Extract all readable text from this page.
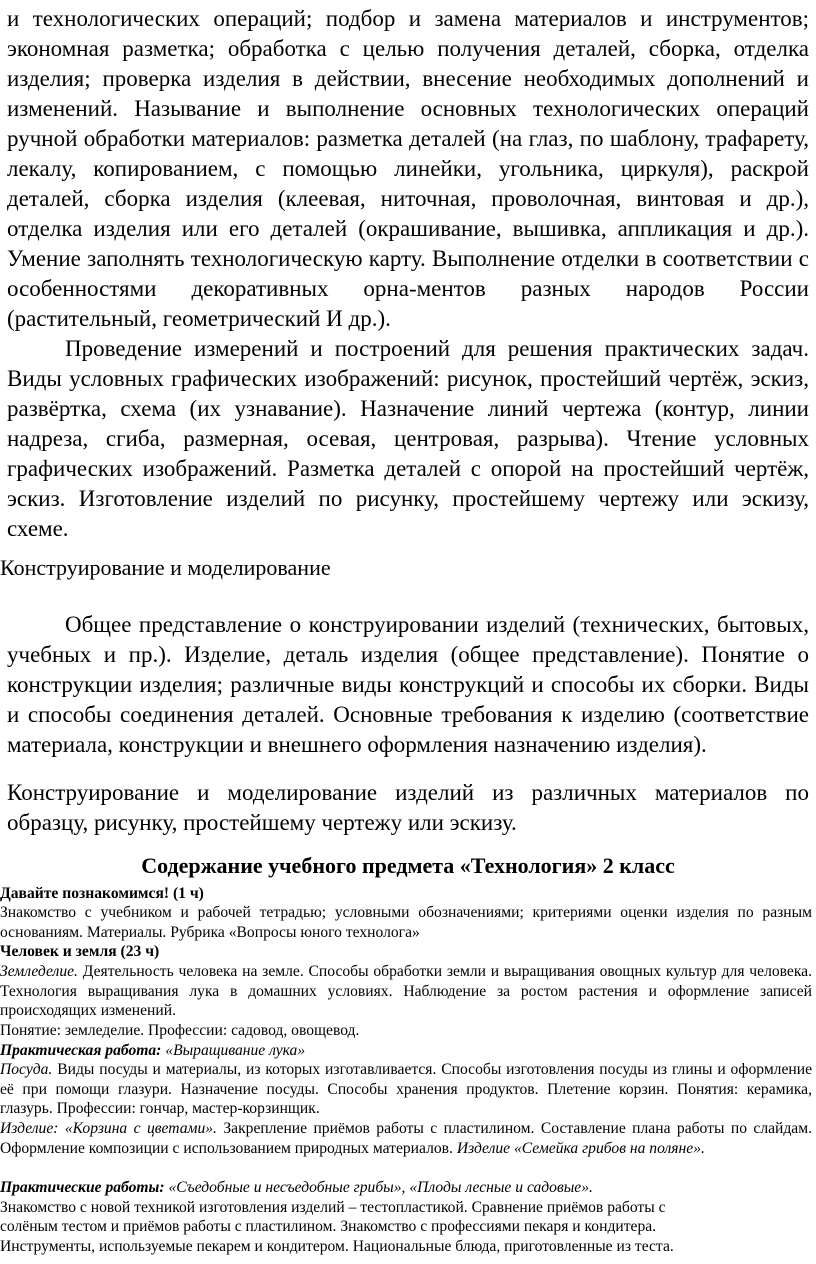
и технологических операций; подбор и замена материалов и инструментов; экономная разметка; обработка с целью получения деталей, сборка, отделка изделия; проверка изделия в действии, внесение необходимых дополнений и изменений. Называние и выполнение основных технологических операций ручной обработки материалов: разметка деталей (на глаз, по шаблону, трафарету, лекалу, копированием, с помощью линейки, угольника, циркуля), раскрой деталей, сборка изделия (клеевая, ниточная, проволочная, винтовая и др.), отделка изделия или его деталей (окрашивание, вышивка, аппликация и др.). Умение заполнять технологическую карту. Выполнение отделки в соответствии с особенностями декоративных орна-ментов разных народов России (растительный, геометрический И др.).

Проведение измерений и построений для решения практических задач. Виды условных графических изображений: рисунок, простейший чертёж, эскиз, развёртка, схема (их узнавание). Назначение линий чертежа (контур, линии надреза, сгиба, размерная, осевая, центровая, разрыва). Чтение условных графических изображений. Разметка деталей с опорой на простейший чертёж, эскиз. Изготовление изделий по рисунку, простейшему чертежу или эскизу, схеме.

Конструирование и моделирование

Общее представление о конструировании изделий (технических, бытовых, учебных и пр.). Изделие, деталь изделия (общее представление). Понятие о конструкции изделия; различные виды конструкций и способы их сборки. Виды и способы соединения деталей. Основные требования к изделию (соответствие материала, конструкции и внешнего оформления назначению изделия).

Конструирование и моделирование изделий из различных материалов по образцу, рисунку, простейшему чертежу или эскизу.

Содержание учебного предмета «Технология» 2 класс

Давайте познакомимся! (1 ч)

Знакомство с учебником и рабочей тетрадью; условными обозначениями; критериями оценки изделия по разным основаниям. Материалы. Рубрика «Вопросы юного технолога»

Человек и земля (23 ч)

Земледелие. Деятельность человека на земле. Способы обработки земли и выращивания овощных культур для человека. Технология выращивания лука в домашних условиях. Наблюдение за ростом растения и оформление записей происходящих изменений.

Понятие: земледелие. Профессии: садовод, овощевод.

Практическая работа: «Выращивание лука»

Посуда. Виды посуды и материалы, из которых изготавливается. Способы изготовления посуды из глины и оформление её при помощи глазури. Назначение посуды. Способы хранения продуктов. Плетение корзин. Понятия: керамика, глазурь. Профессии: гончар, мастер-корзинщик.

Изделие: «Корзина с цветами». Закрепление приёмов работы с пластилином. Составление плана работы по слайдам. Оформление композиции с использованием природных материалов. Изделие «Семейка грибов на поляне».

Практические работы: «Съедобные и несъедобные грибы», «Плоды лесные и садовые».

Знакомство с новой техникой изготовления изделий – тестопластикой. Сравнение приёмов работы с

солёным тестом и приёмов работы с пластилином. Знакомство с профессиями пекаря и кондитера.

Инструменты, используемые пекарем и кондитером. Национальные блюда, приготовленные из теста.
